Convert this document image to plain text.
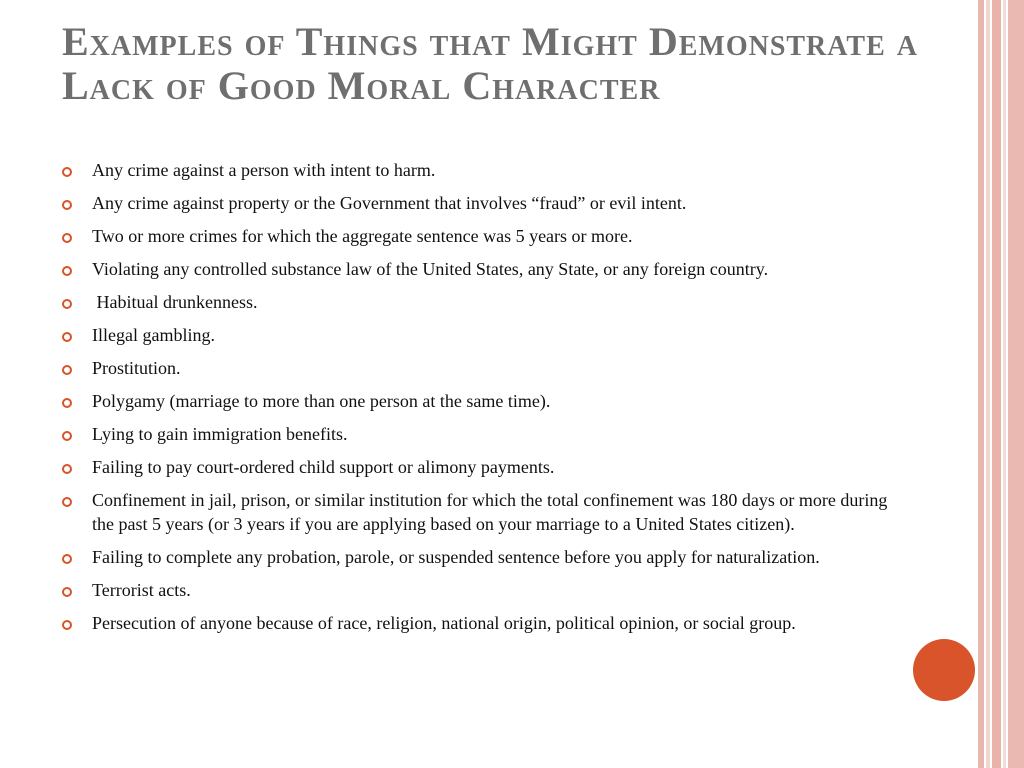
Examples of Things that Might Demonstrate a Lack of Good Moral Character
Any crime against a person with intent to harm.
Any crime against property or the Government that involves “fraud” or evil intent.
Two or more crimes for which the aggregate sentence was 5 years or more.
Violating any controlled substance law of the United States, any State, or any foreign country.
Habitual drunkenness.
Illegal gambling.
Prostitution.
Polygamy (marriage to more than one person at the same time).
Lying to gain immigration benefits.
Failing to pay court-ordered child support or alimony payments.
Confinement in jail, prison, or similar institution for which the total confinement was 180 days or more during the past 5 years (or 3 years if you are applying based on your marriage to a United States citizen).
Failing to complete any probation, parole, or suspended sentence before you apply for naturalization.
Terrorist acts.
Persecution of anyone because of race, religion, national origin, political opinion, or social group.
